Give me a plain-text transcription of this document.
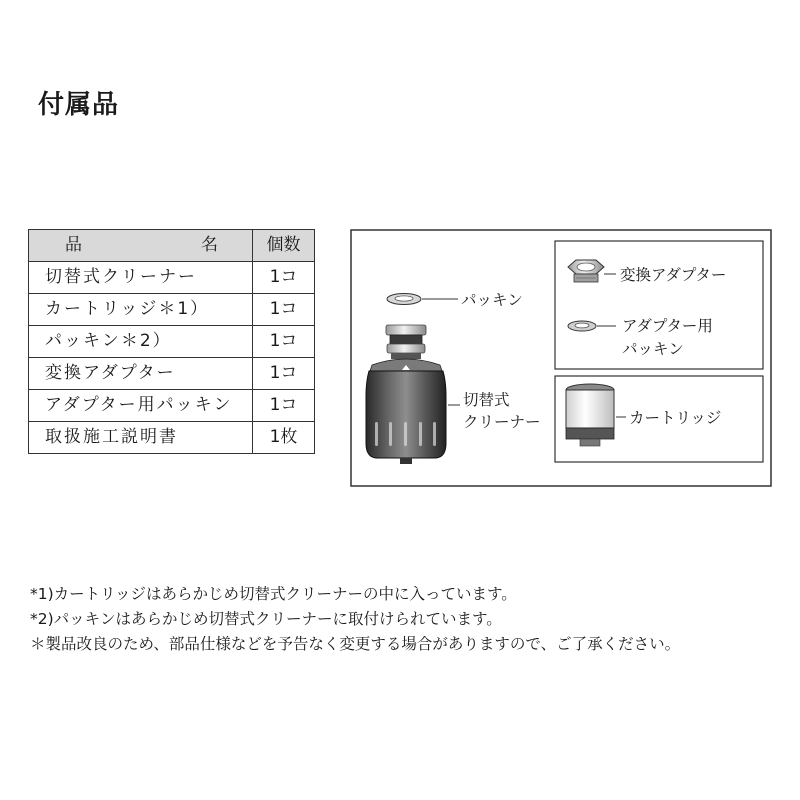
付属品
品 名	個数
切替式クリーナー	1コ
カートリッジ＊1）	1コ
パッキン＊2）	1コ
変換アダプター	1コ
アダプター用パッキン	1コ
取扱施工説明書	1枚
パッキン
切替式
クリーナー
変換アダプター
アダプター用
パッキン
カートリッジ
*1)カートリッジはあらかじめ切替式クリーナーの中に入っています。
*2)パッキンはあらかじめ切替式クリーナーに取付けられています。
＊製品改良のため、部品仕様などを予告なく変更する場合がありますので、ご了承ください。
